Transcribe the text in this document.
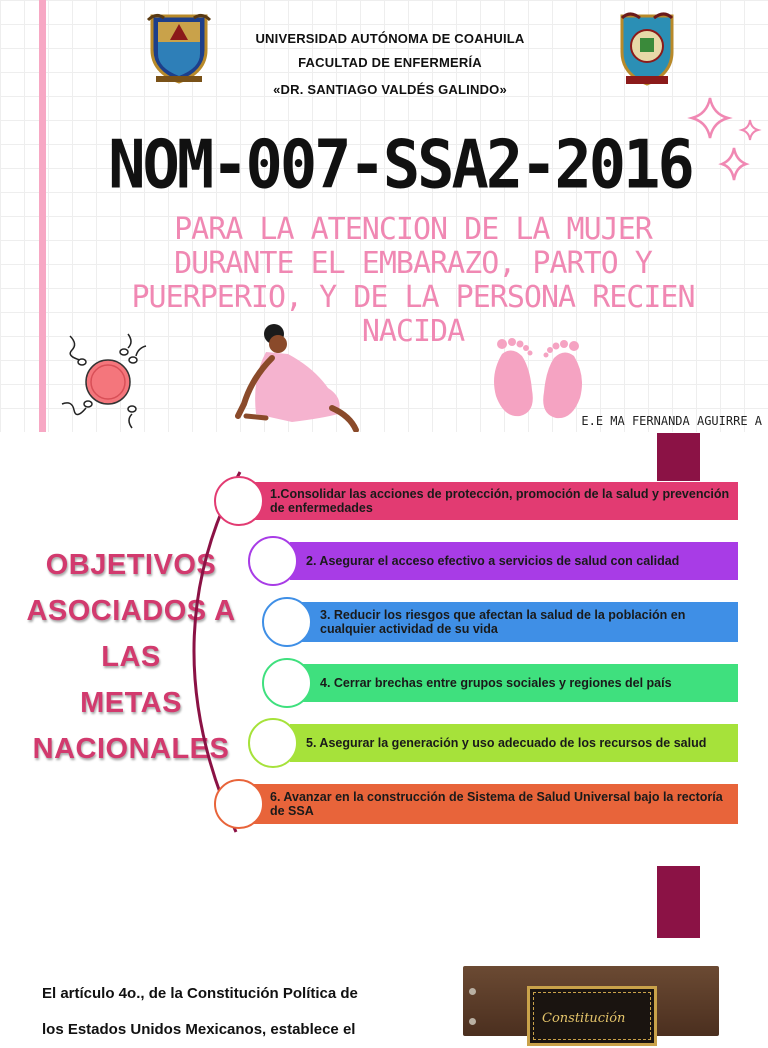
UNIVERSIDAD AUTÓNOMA DE COAHUILA
FACULTAD DE ENFERMERÍA
«DR. SANTIAGO VALDÉS GALINDO»
NOM-007-SSA2-2016
PARA LA ATENCION DE LA MUJER
DURANTE EL EMBARAZO, PARTO Y
PUERPERIO, Y DE LA PERSONA RECIEN
NACIDA
E.E MA FERNANDA AGUIRRE A
OBJETIVOS
ASOCIADOS A
LAS
METAS
NACIONALES
1.Consolidar las acciones de protección, promoción de la salud y prevención de enfermedades
2. Asegurar el acceso efectivo a servicios de salud con calidad
3. Reducir los riesgos que afectan la salud de la población en cualquier actividad de su vida
4. Cerrar brechas entre grupos sociales y regiones del país
5. Asegurar la generación y uso adecuado de los recursos de salud
6. Avanzar en la construcción de Sistema de Salud Universal bajo la rectoría de SSA
El artículo 4o., de la Constitución Política de
los Estados Unidos Mexicanos, establece el
Constitución
